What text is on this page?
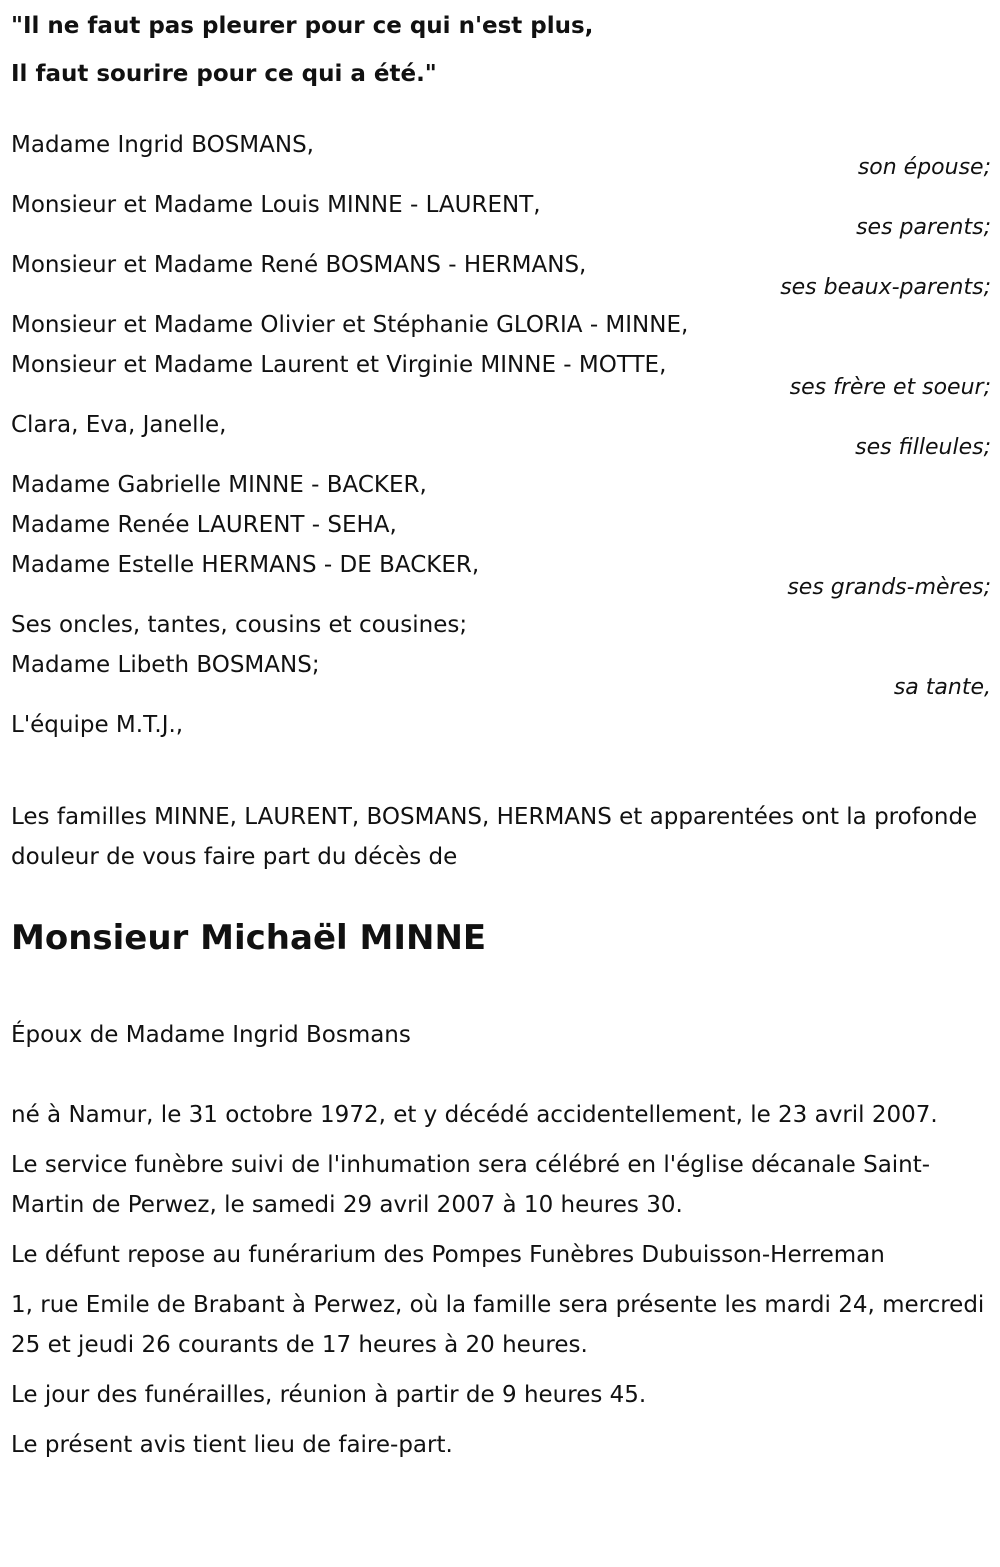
"Il ne faut pas pleurer pour ce qui n'est plus,
Il faut sourire pour ce qui a été."
Madame Ingrid BOSMANS,
son épouse;
Monsieur et Madame Louis MINNE - LAURENT,
ses parents;
Monsieur et Madame René BOSMANS - HERMANS,
ses beaux-parents;
Monsieur et Madame Olivier et Stéphanie GLORIA - MINNE,
Monsieur et Madame Laurent et Virginie MINNE - MOTTE,
ses frère et soeur;
Clara, Eva, Janelle,
ses filleules;
Madame Gabrielle MINNE - BACKER,
Madame Renée LAURENT - SEHA,
Madame Estelle HERMANS - DE BACKER,
ses grands-mères;
Ses oncles, tantes, cousins et cousines;
Madame Libeth BOSMANS;
sa tante,
L'équipe M.T.J.,
Les familles MINNE, LAURENT, BOSMANS, HERMANS et apparentées ont la profonde douleur de vous faire part du décès de
Monsieur Michaël MINNE
Époux de Madame Ingrid Bosmans
né à Namur, le 31 octobre 1972, et y décédé accidentellement, le 23 avril 2007.
Le service funèbre suivi de l'inhumation sera célébré en l'église décanale Saint-Martin de Perwez, le samedi 29 avril 2007 à 10 heures 30.
Le défunt repose au funérarium des Pompes Funèbres Dubuisson-Herreman
1, rue Emile de Brabant à Perwez, où la famille sera présente les mardi 24, mercredi 25 et jeudi 26 courants de 17 heures à 20 heures.
Le jour des funérailles, réunion à partir de 9 heures 45.
Le présent avis tient lieu de faire-part.
